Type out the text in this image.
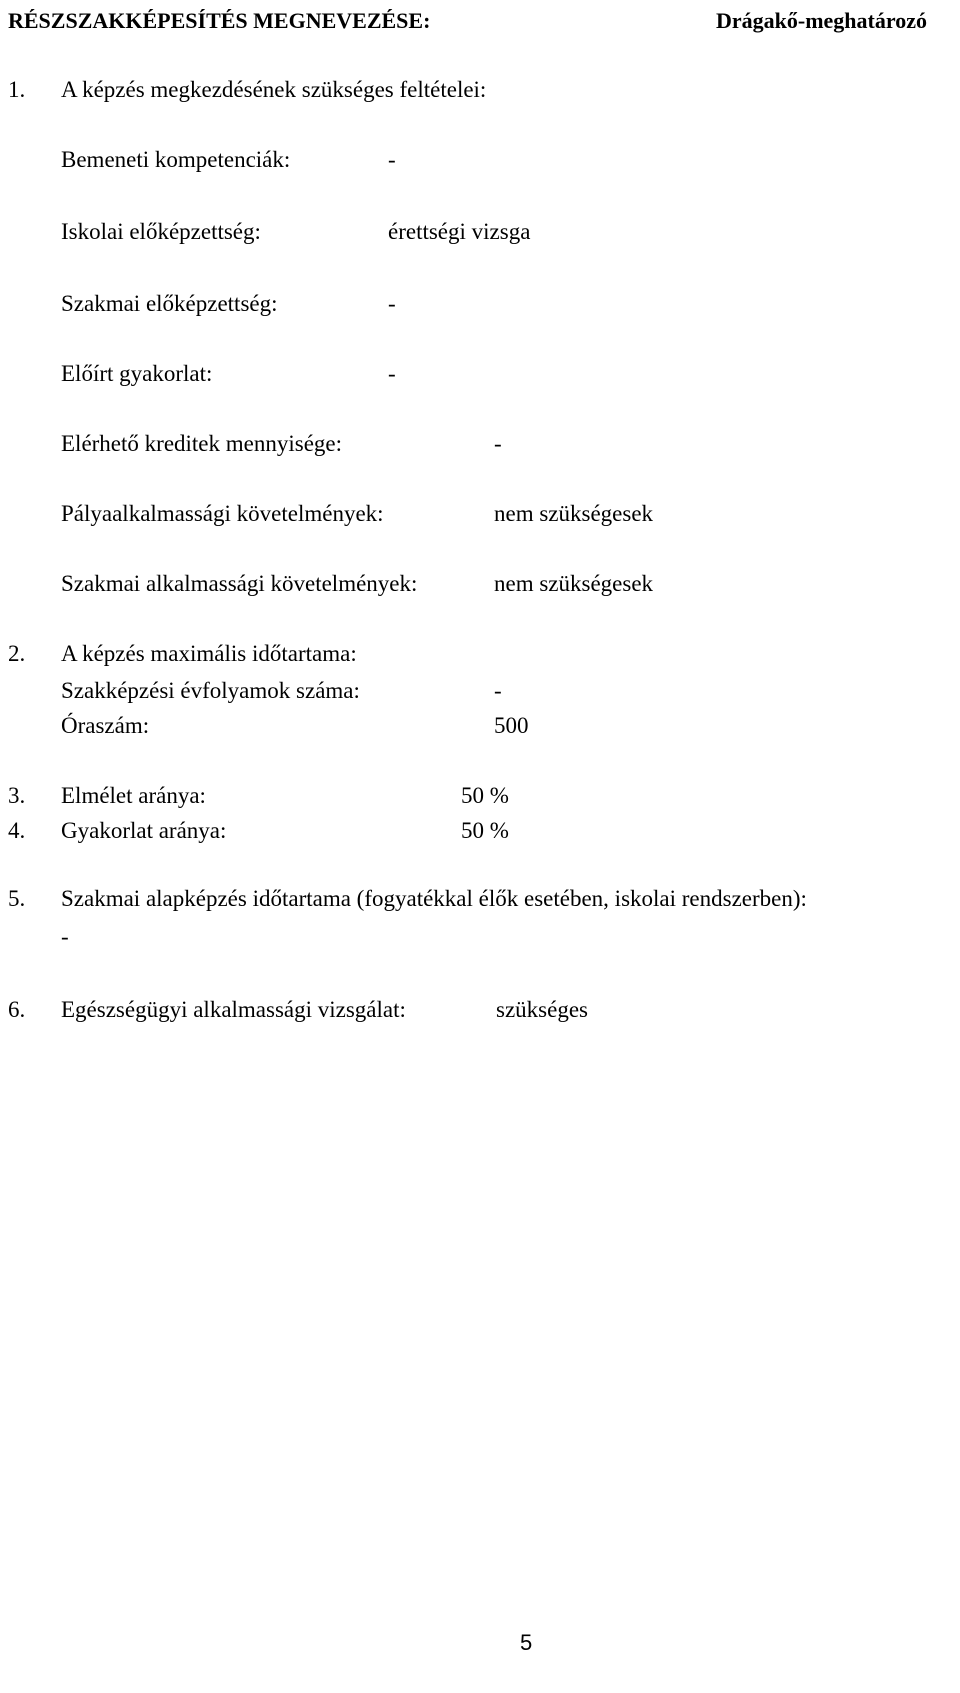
RÉSZSZAKKÉPESÍTÉS MEGNEVEZÉSE:	Drágakő-meghatározó
1. A képzés megkezdésének szükséges feltételei:
Bemeneti kompetenciák:	-
Iskolai előképzettség:	érettségi vizsga
Szakmai előképzettség:	-
Előírt gyakorlat:	-
Elérhető kreditek mennyisége:	-
Pályaalkalmassági követelmények:	nem szükségesek
Szakmai alkalmassági követelmények:	nem szükségesek
2. A képzés maximális időtartama:
Szakképzési évfolyamok száma:	-
Óraszám:	500
3. Elmélet aránya:	50 %
4. Gyakorlat aránya:	50 %
5. Szakmai alapképzés időtartama (fogyatékkal élők esetében, iskolai rendszerben):
-
6. Egészségügyi alkalmassági vizsgálat:	szükséges
5
